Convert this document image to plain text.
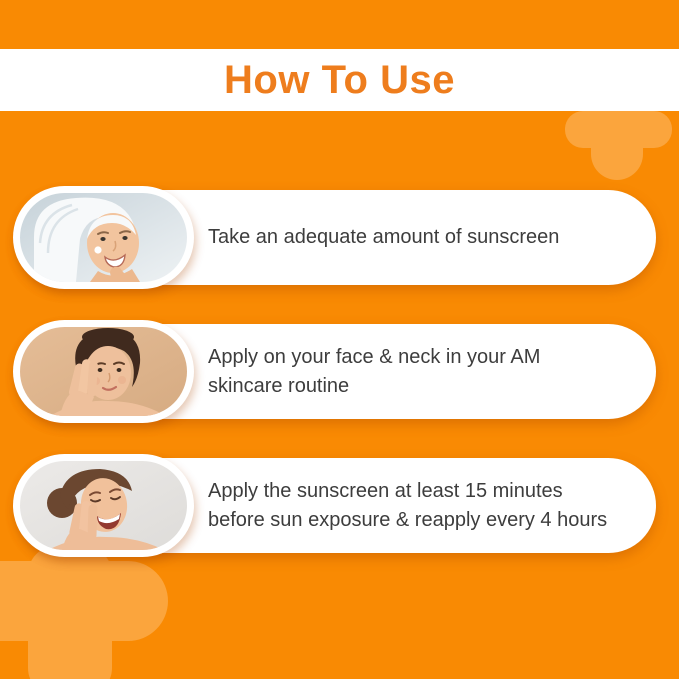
How To Use

Take an adequate amount of sunscreen

Apply on your face & neck in your AM skincare routine

Apply the sunscreen at least 15 minutes before sun exposure & reapply every 4 hours
